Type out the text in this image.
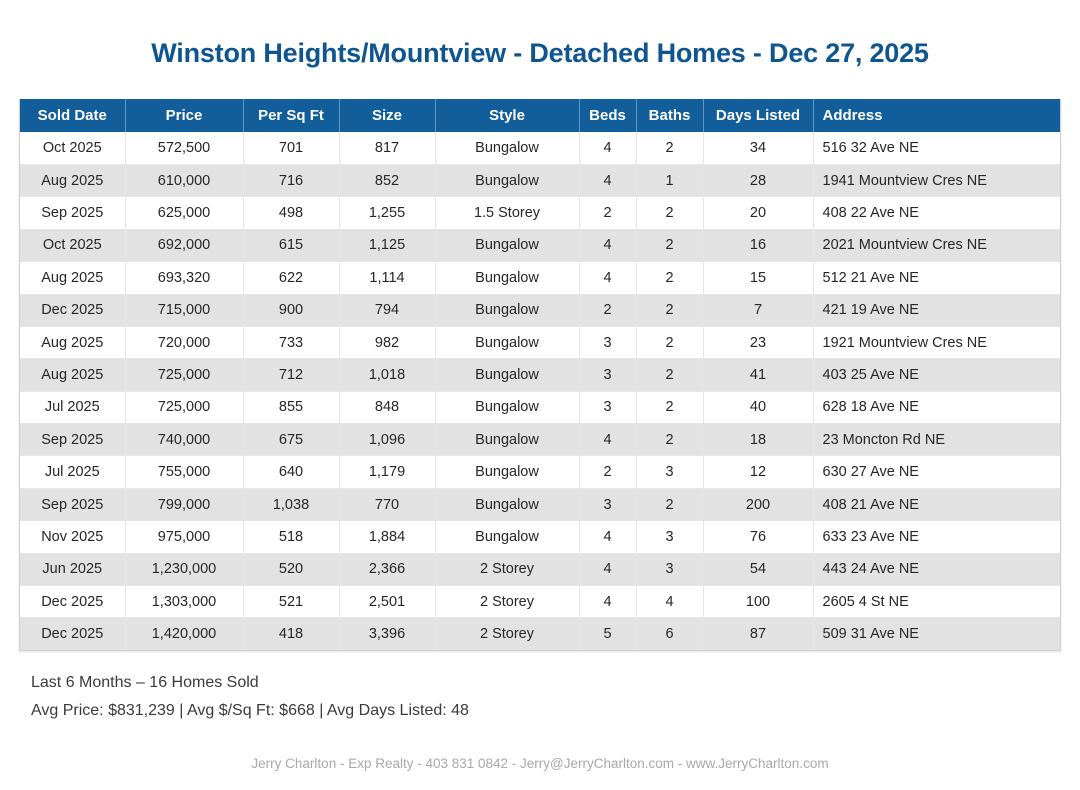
Winston Heights/Mountview - Detached Homes - Dec 27, 2025
Sold Date	Price	Per Sq Ft	Size	Style	Beds	Baths	Days Listed	Address
Oct 2025	572,500	701	817	Bungalow	4	2	34	516 32 Ave NE
Aug 2025	610,000	716	852	Bungalow	4	1	28	1941 Mountview Cres NE
Sep 2025	625,000	498	1,255	1.5 Storey	2	2	20	408 22 Ave NE
Oct 2025	692,000	615	1,125	Bungalow	4	2	16	2021 Mountview Cres NE
Aug 2025	693,320	622	1,114	Bungalow	4	2	15	512 21 Ave NE
Dec 2025	715,000	900	794	Bungalow	2	2	7	421 19 Ave NE
Aug 2025	720,000	733	982	Bungalow	3	2	23	1921 Mountview Cres NE
Aug 2025	725,000	712	1,018	Bungalow	3	2	41	403 25 Ave NE
Jul 2025	725,000	855	848	Bungalow	3	2	40	628 18 Ave NE
Sep 2025	740,000	675	1,096	Bungalow	4	2	18	23 Moncton Rd NE
Jul 2025	755,000	640	1,179	Bungalow	2	3	12	630 27 Ave NE
Sep 2025	799,000	1,038	770	Bungalow	3	2	200	408 21 Ave NE
Nov 2025	975,000	518	1,884	Bungalow	4	3	76	633 23 Ave NE
Jun 2025	1,230,000	520	2,366	2 Storey	4	3	54	443 24 Ave NE
Dec 2025	1,303,000	521	2,501	2 Storey	4	4	100	2605 4 St NE
Dec 2025	1,420,000	418	3,396	2 Storey	5	6	87	509 31 Ave NE
Last 6 Months – 16 Homes Sold
Avg Price: $831,239 | Avg $/Sq Ft: $668 | Avg Days Listed: 48
Jerry Charlton - Exp Realty - 403 831 0842 - Jerry@JerryCharlton.com - www.JerryCharlton.com
